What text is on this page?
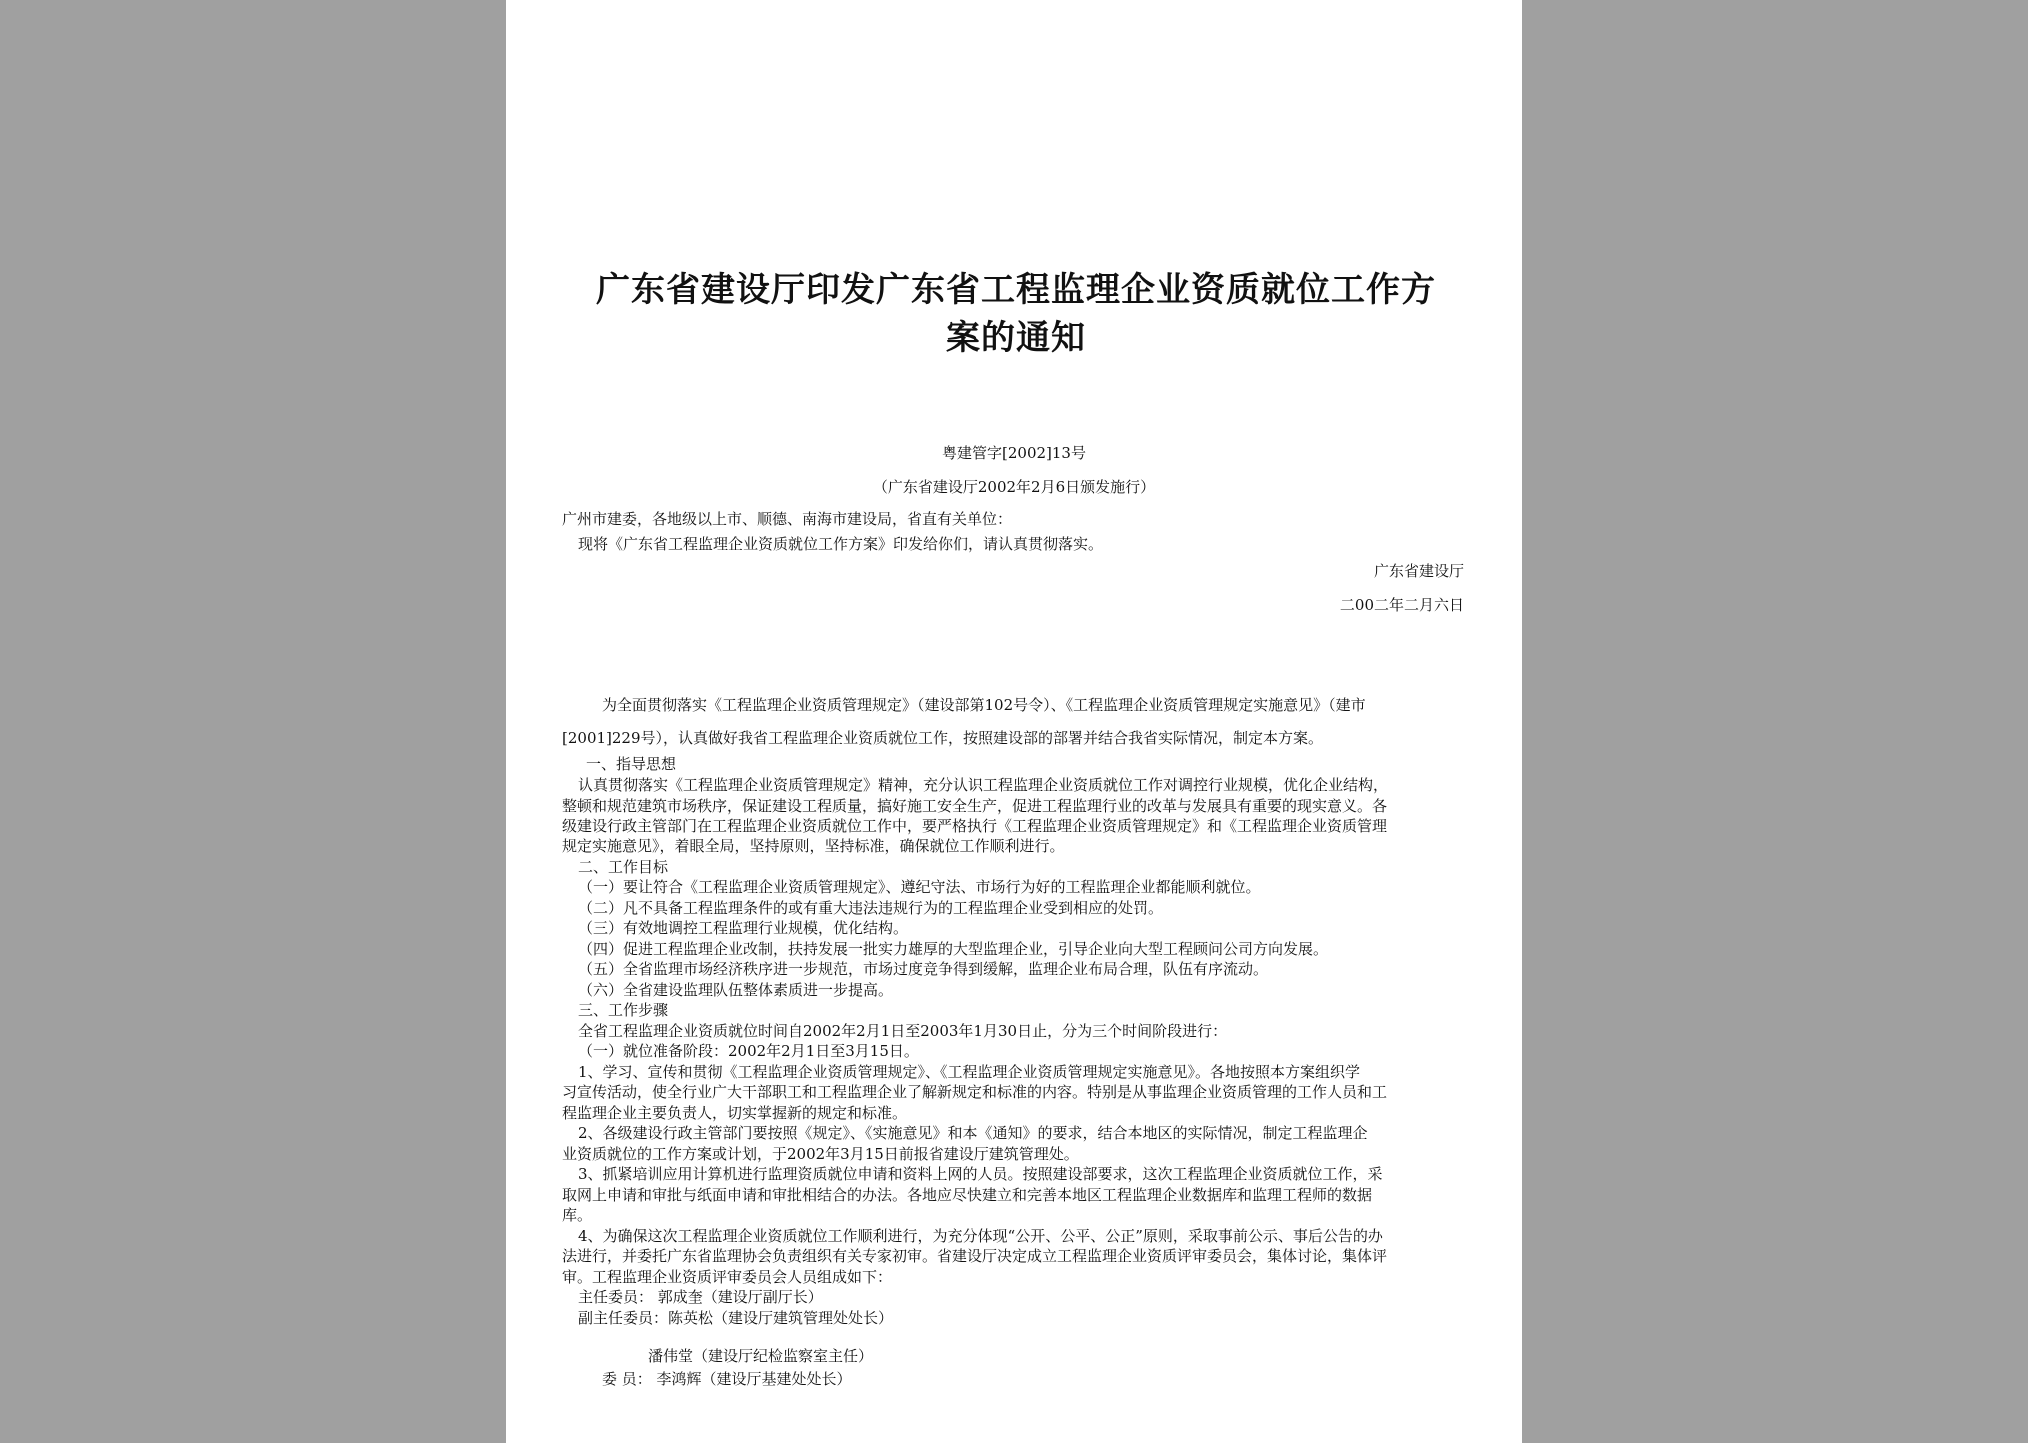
广东省建设厅印发广东省工程监理企业资质就位工作方
案的通知
粤建管字[2002]13号
（广东省建设厅2002年2月6日颁发施行）
广州市建委，各地级以上市、顺德、南海市建设局，省直有关单位：
现将《广东省工程监理企业资质就位工作方案》印发给你们，请认真贯彻落实。
广东省建设厅
二00二年二月六日
为全面贯彻落实《工程监理企业资质管理规定》（建设部第102号令）、《工程监理企业资质管理规定实施意见》（建市
[2001]229号），认真做好我省工程监理企业资质就位工作，按照建设部的部署并结合我省实际情况，制定本方案。
一、指导思想
认真贯彻落实《工程监理企业资质管理规定》精神，充分认识工程监理企业资质就位工作对调控行业规模，优化企业结构，
整顿和规范建筑市场秩序，保证建设工程质量，搞好施工安全生产，促进工程监理行业的改革与发展具有重要的现实意义。各
级建设行政主管部门在工程监理企业资质就位工作中，要严格执行《工程监理企业资质管理规定》和《工程监理企业资质管理
规定实施意见》，着眼全局，坚持原则，坚持标准，确保就位工作顺利进行。
二、工作目标
（一）要让符合《工程监理企业资质管理规定》、遵纪守法、市场行为好的工程监理企业都能顺利就位。
（二）凡不具备工程监理条件的或有重大违法违规行为的工程监理企业受到相应的处罚。
（三）有效地调控工程监理行业规模，优化结构。
（四）促进工程监理企业改制，扶持发展一批实力雄厚的大型监理企业，引导企业向大型工程顾问公司方向发展。
（五）全省监理市场经济秩序进一步规范，市场过度竞争得到缓解，监理企业布局合理，队伍有序流动。
（六）全省建设监理队伍整体素质进一步提高。
三、工作步骤
全省工程监理企业资质就位时间自2002年2月1日至2003年1月30日止，分为三个时间阶段进行：
（一）就位准备阶段：2002年2月1日至3月15日。
1、学习、宣传和贯彻《工程监理企业资质管理规定》、《工程监理企业资质管理规定实施意见》。各地按照本方案组织学
习宣传活动，使全行业广大干部职工和工程监理企业了解新规定和标准的内容。特别是从事监理企业资质管理的工作人员和工
程监理企业主要负责人，切实掌握新的规定和标准。
2、各级建设行政主管部门要按照《规定》、《实施意见》和本《通知》的要求，结合本地区的实际情况，制定工程监理企
业资质就位的工作方案或计划，于2002年3月15日前报省建设厅建筑管理处。
3、抓紧培训应用计算机进行监理资质就位申请和资料上网的人员。按照建设部要求，这次工程监理企业资质就位工作，采
取网上申请和审批与纸面申请和审批相结合的办法。各地应尽快建立和完善本地区工程监理企业数据库和监理工程师的数据
库。
4、为确保这次工程监理企业资质就位工作顺利进行，为充分体现“公开、公平、公正”原则，采取事前公示、事后公告的办
法进行，并委托广东省监理协会负责组织有关专家初审。省建设厅决定成立工程监理企业资质评审委员会，集体讨论，集体评
审。工程监理企业资质评审委员会人员组成如下：
主任委员： 郭成奎（建设厅副厅长）
副主任委员：陈英松（建设厅建筑管理处处长）
潘伟堂（建设厅纪检监察室主任）
委 员： 李鸿辉（建设厅基建处处长）
